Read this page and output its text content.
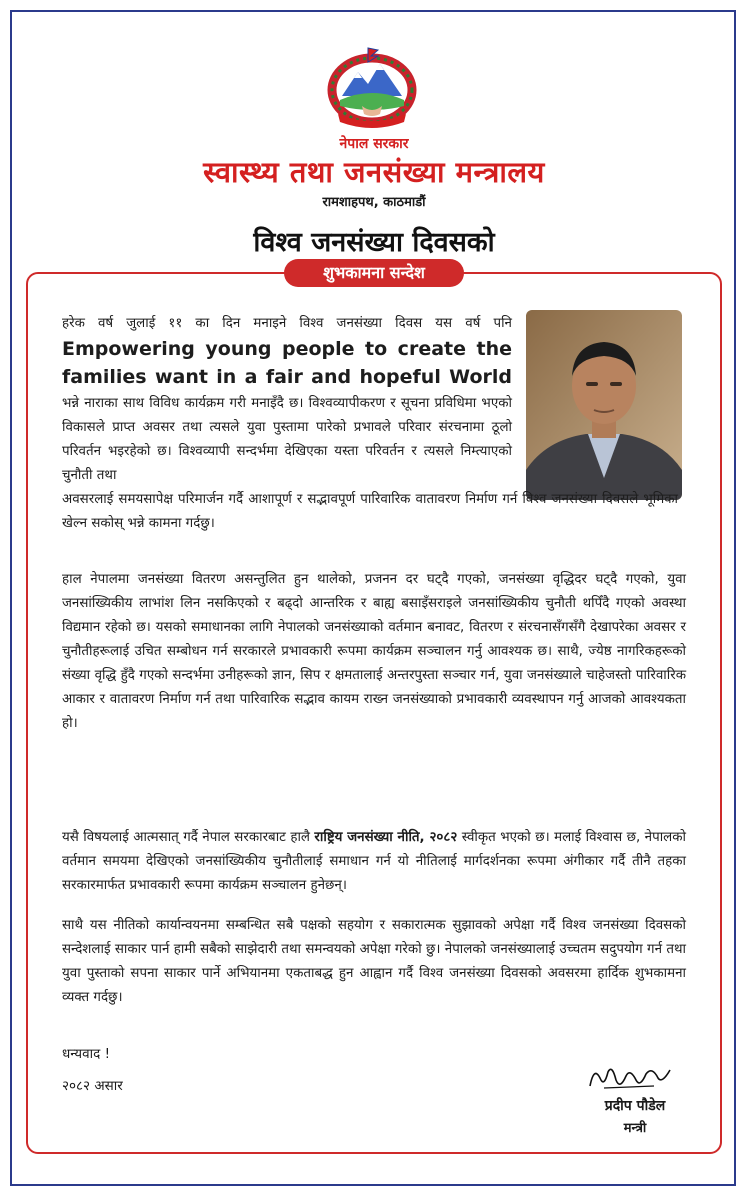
नेपाल सरकार
स्वास्थ्य तथा जनसंख्या मन्त्रालय
रामशाहपथ, काठमाडौं
विश्व जनसंख्या दिवसको
शुभकामना सन्देश
हरेक वर्ष जुलाई ११ का दिन मनाइने विश्व जनसंख्या दिवस यस वर्ष पनि Empowering young people to create the families want in a fair and hopeful World भन्ने नाराका साथ विविध कार्यक्रम गरी मनाइँदै छ। विश्वव्यापीकरण र सूचना प्रविधिमा भएको विकासले प्राप्त अवसर तथा त्यसले युवा पुस्तामा पारेको प्रभावले परिवार संरचनामा ठूलो परिवर्तन भइरहेको छ। विश्वव्यापी सन्दर्भमा देखिएका यस्ता परिवर्तन र त्यसले निम्त्याएको चुनौती तथा
अवसरलाई समयसापेक्ष परिमार्जन गर्दै आशापूर्ण र सद्भावपूर्ण पारिवारिक वातावरण निर्माण गर्न विश्व जनसंख्या दिवसले भूमिका खेल्न सकोस् भन्ने कामना गर्दछु।
हाल नेपालमा जनसंख्या वितरण असन्तुलित हुन थालेको, प्रजनन दर घट्दै गएको, जनसंख्या वृद्धिदर घट्दै गएको, युवा जनसांख्यिकीय लाभांश लिन नसकिएको र बढ्दो आन्तरिक र बाह्य बसाइँसराइले जनसांख्यिकीय चुनौती थपिँदै गएको अवस्था विद्यमान रहेको छ। यसको समाधानका लागि नेपालको जनसंख्याको वर्तमान बनावट, वितरण र संरचनासँगसँगै देखापरेका अवसर र चुनौतीहरूलाई उचित सम्बोधन गर्न सरकारले प्रभावकारी रूपमा कार्यक्रम सञ्चालन गर्नु आवश्यक छ। साथै, ज्येष्ठ नागरिकहरूको संख्या वृद्धि हुँदै गएको सन्दर्भमा उनीहरूको ज्ञान, सिप र क्षमतालाई अन्तरपुस्ता सञ्चार गर्न, युवा जनसंख्याले चाहेजस्तो पारिवारिक आकार र वातावरण निर्माण गर्न तथा पारिवारिक सद्भाव कायम राख्न जनसंख्याको प्रभावकारी व्यवस्थापन गर्नु आजको आवश्यकता हो।
यसै विषयलाई आत्मसात् गर्दै नेपाल सरकारबाट हालै राष्ट्रिय जनसंख्या नीति, २०८२ स्वीकृत भएको छ। मलाई विश्वास छ, नेपालको वर्तमान समयमा देखिएको जनसांख्यिकीय चुनौतीलाई समाधान गर्न यो नीतिलाई मार्गदर्शनका रूपमा अंगीकार गर्दै तीनै तहका सरकारमार्फत प्रभावकारी रूपमा कार्यक्रम सञ्चालन हुनेछन्।
साथै यस नीतिको कार्यान्वयनमा सम्बन्धित सबै पक्षको सहयोग र सकारात्मक सुझावको अपेक्षा गर्दै विश्व जनसंख्या दिवसको सन्देशलाई साकार पार्न हामी सबैको साझेदारी तथा समन्वयको अपेक्षा गरेको छु। नेपालको जनसंख्यालाई उच्चतम सदुपयोग गर्न तथा युवा पुस्ताको सपना साकार पार्ने अभियानमा एकताबद्ध हुन आह्वान गर्दै विश्व जनसंख्या दिवसको अवसरमा हार्दिक शुभकामना व्यक्त गर्दछु।
धन्यवाद !
२०८२ असार
प्रदीप पौडेल
मन्त्री
